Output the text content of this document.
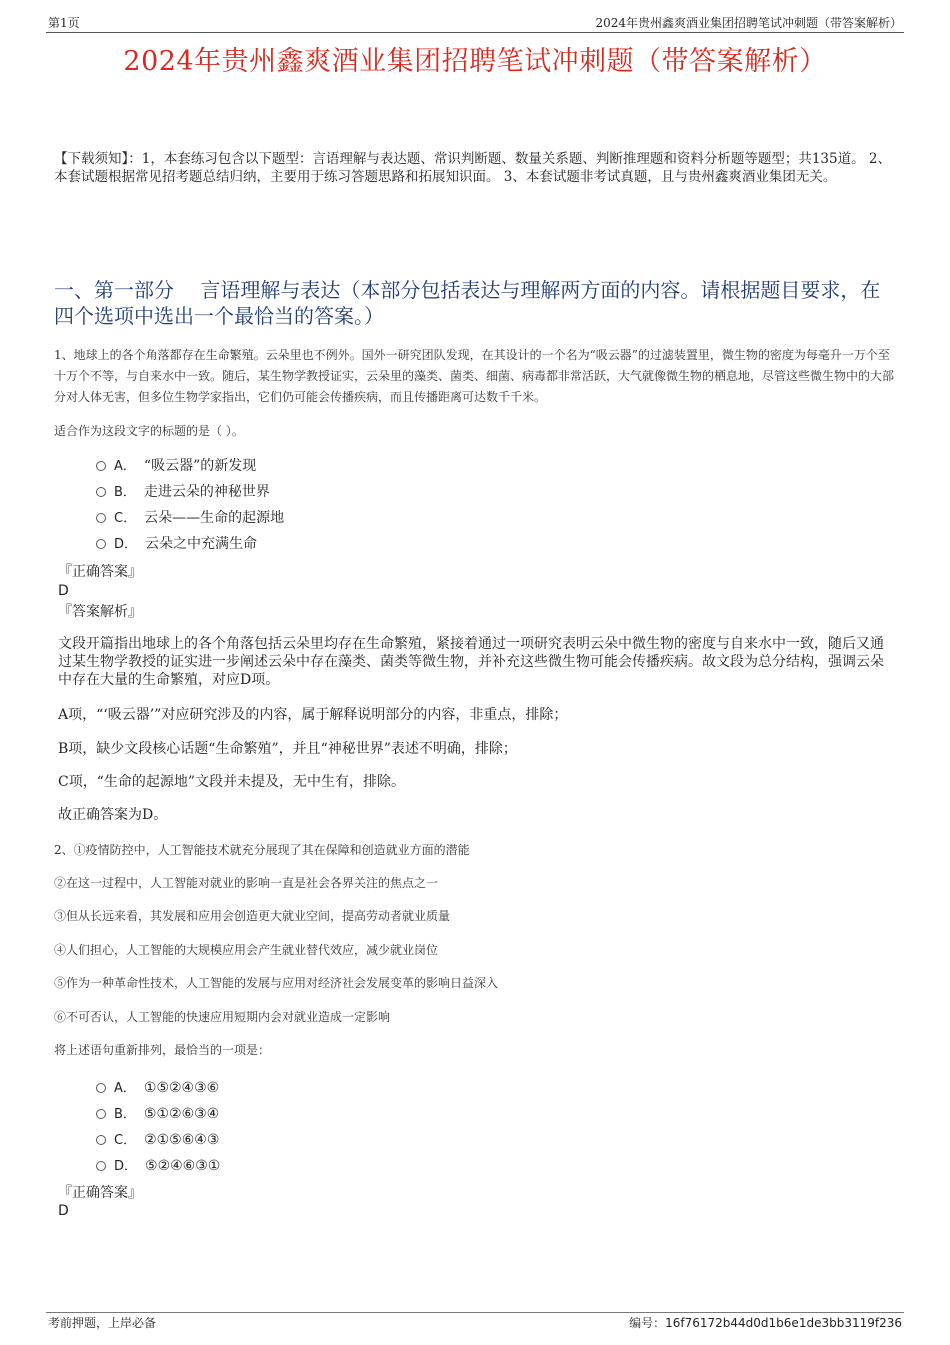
第1页	2024年贵州鑫爽酒业集团招聘笔试冲刺题（带答案解析）
2024年贵州鑫爽酒业集团招聘笔试冲刺题（带答案解析）
【下载须知】：1，本套练习包含以下题型：言语理解与表达题、常识判断题、数量关系题、判断推理题和资料分析题等题型；共135道。 2、本套试题根据常见招考题总结归纳，主要用于练习答题思路和拓展知识面。 3、本套试题非考试真题，且与贵州鑫爽酒业集团无关。
一、第一部分　 言语理解与表达（本部分包括表达与理解两方面的内容。请根据题目要求，在四个选项中选出一个最恰当的答案。）
1、地球上的各个角落都存在生命繁殖。云朵里也不例外。国外一研究团队发现，在其设计的一个名为“吸云器”的过滤装置里，微生物的密度为每毫升一万个至十万个不等，与自来水中一致。随后，某生物学教授证实，云朵里的藻类、菌类、细菌、病毒都非常活跃，大气就像微生物的栖息地，尽管这些微生物中的大部分对人体无害，但多位生物学家指出，它们仍可能会传播疾病，而且传播距离可达数千千米。
适合作为这段文字的标题的是（ ）。
A． “吸云器”的新发现
B． 走进云朵的神秘世界
C． 云朵——生命的起源地
D． 云朵之中充满生命
『正确答案』
D
『答案解析』
文段开篇指出地球上的各个角落包括云朵里均存在生命繁殖，紧接着通过一项研究表明云朵中微生物的密度与自来水中一致，随后又通过某生物学教授的证实进一步阐述云朵中存在藻类、菌类等微生物，并补充这些微生物可能会传播疾病。故文段为总分结构，强调云朵中存在大量的生命繁殖，对应D项。
A项，“‘吸云器’”对应研究涉及的内容，属于解释说明部分的内容，非重点，排除；
B项，缺少文段核心话题“生命繁殖”，并且“神秘世界”表述不明确，排除；
C项，“生命的起源地”文段并未提及，无中生有，排除。
故正确答案为D。
2、①疫情防控中，人工智能技术就充分展现了其在保障和创造就业方面的潜能
②在这一过程中，人工智能对就业的影响一直是社会各界关注的焦点之一
③但从长远来看，其发展和应用会创造更大就业空间，提高劳动者就业质量
④人们担心，人工智能的大规模应用会产生就业替代效应，减少就业岗位
⑤作为一种革命性技术，人工智能的发展与应用对经济社会发展变革的影响日益深入
⑥不可否认，人工智能的快速应用短期内会对就业造成一定影响
将上述语句重新排列，最恰当的一项是：
A． ①⑤②④③⑥
B． ⑤①②⑥③④
C． ②①⑤⑥④③
D． ⑤②④⑥③①
『正确答案』
D
考前押题，上岸必备	编号：16f76172b44d0d1b6e1de3bb3119f236
